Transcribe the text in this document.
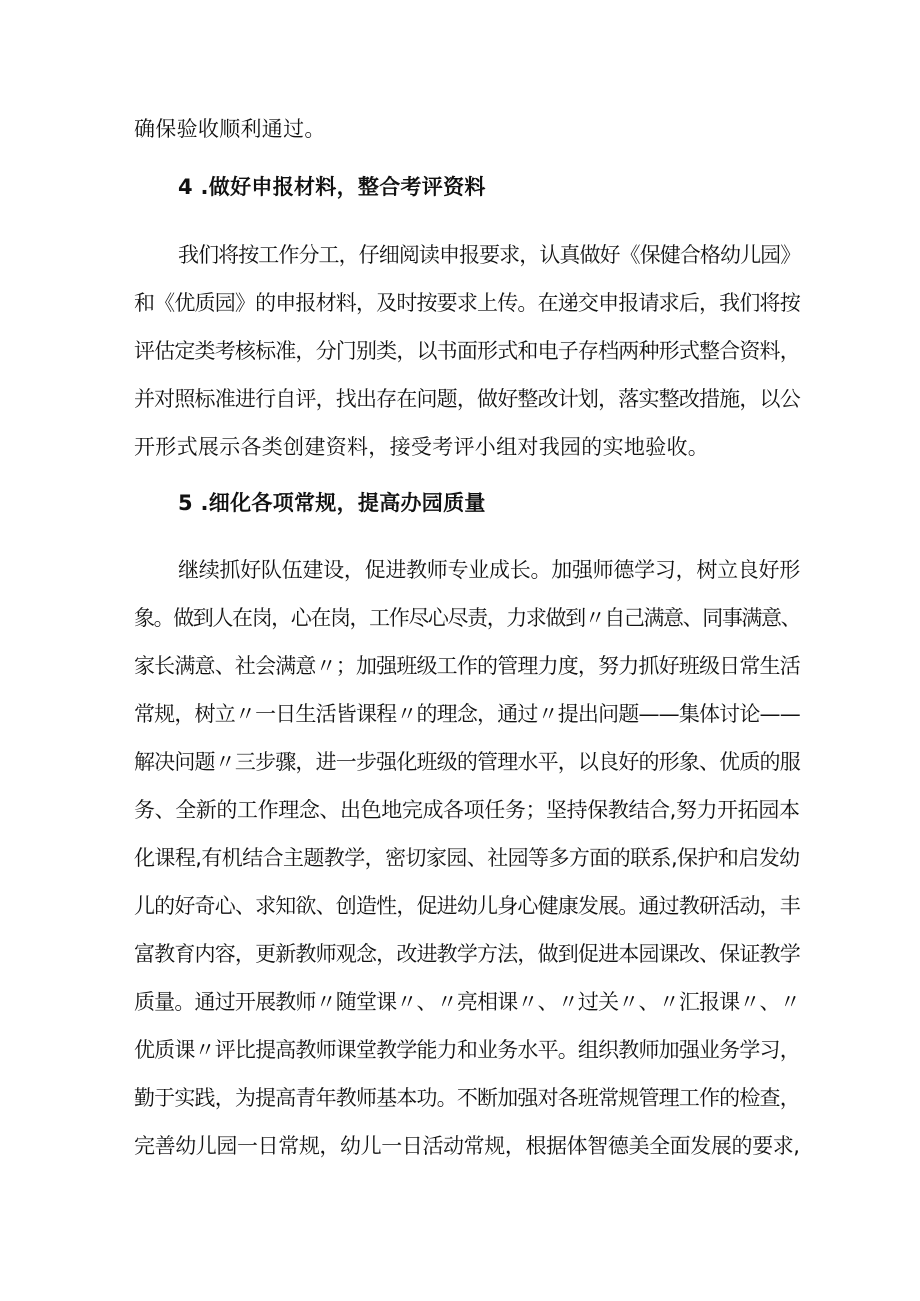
确保验收顺利通过。
4 .做好申报材料，整合考评资料
我们将按工作分工，仔细阅读申报要求，认真做好《保健合格幼儿园》
和《优质园》的申报材料，及时按要求上传。在递交申报请求后，我们将按
评估定类考核标准，分门别类，以书面形式和电子存档两种形式整合资料，
并对照标准进行自评，找出存在问题，做好整改计划，落实整改措施，以公
开形式展示各类创建资料，接受考评小组对我园的实地验收。
5 .细化各项常规，提高办园质量
继续抓好队伍建设，促进教师专业成长。加强师德学习，树立良好形
象。做到人在岗，心在岗，工作尽心尽责，力求做到〃自己满意、同事满意、
家长满意、社会满意〃；加强班级工作的管理力度，努力抓好班级日常生活
常规，树立〃一日生活皆课程〃的理念，通过〃提出问题——集体讨论——
解决问题〃三步骤，进一步强化班级的管理水平，以良好的形象、优质的服
务、全新的工作理念、出色地完成各项任务；坚持保教结合,努力开拓园本
化课程,有机结合主题教学，密切家园、社园等多方面的联系,保护和启发幼
儿的好奇心、求知欲、创造性，促进幼儿身心健康发展。通过教研活动，丰
富教育内容，更新教师观念，改进教学方法，做到促进本园课改、保证教学
质量。通过开展教师〃随堂课〃、〃亮相课〃、〃过关〃、〃汇报课〃、〃
优质课〃评比提高教师课堂教学能力和业务水平。组织教师加强业务学习，
勤于实践，为提高青年教师基本功。不断加强对各班常规管理工作的检查，
完善幼儿园一日常规，幼儿一日活动常规，根据体智德美全面发展的要求,
